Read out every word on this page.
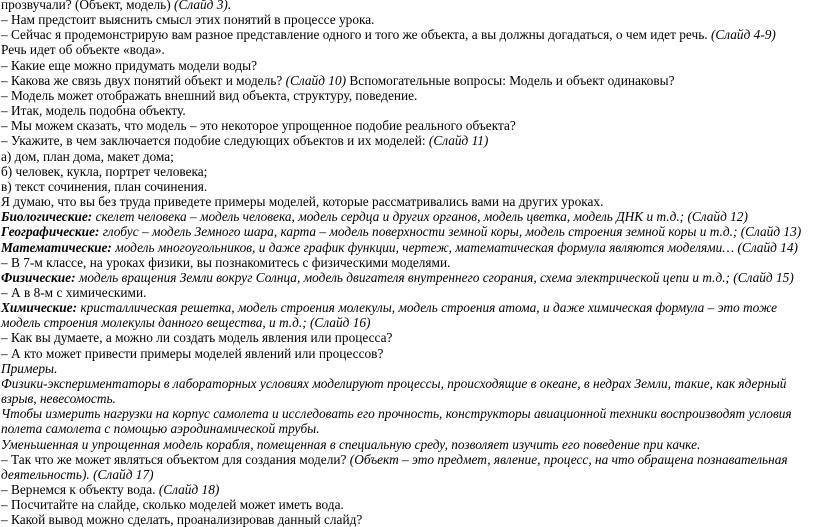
прозвучали? (Объект, модель) (Слайд 3).

– Нам предстоит выяснить смысл этих понятий в процессе урока.

– Сейчас я продемонстрирую вам разное представление одного и того же объекта, а вы должны догадаться, о чем идет речь. (Слайд 4-9)

Речь идет об объекте «вода».

– Какие еще можно придумать модели воды?

– Какова же связь двух понятий объект и модель? (Слайд 10) Вспомогательные вопросы: Модель и объект одинаковы?

– Модель может отображать внешний вид объекта, структуру, поведение.

– Итак, модель подобна объекту.

– Мы можем сказать, что модель – это некоторое упрощенное подобие реального объекта?

– Укажите, в чем заключается подобие следующих объектов и их моделей: (Слайд 11)

а) дом, план дома, макет дома;

б) человек, кукла, портрет человека;

в) текст сочинения, план сочинения.

Я думаю, что вы без труда приведете примеры моделей, которые рассматривались вами на других уроках.

Биологические: скелет человека – модель человека, модель сердца и других органов, модель цветка, модель ДНК и т.д.; (Слайд 12)

Географические: глобус – модель Земного шара, карта – модель поверхности земной коры, модель строения земной коры и т.д.; (Слайд 13)

Математические: модель многоугольников, и даже график функции, чертеж, математическая формула являются моделями… (Слайд 14)

– В 7-м классе, на уроках физики, вы познакомитесь с физическими моделями.

Физические: модель вращения Земли вокруг Солнца, модель двигателя внутреннего сгорания, схема электрической цепи и т.д.; (Слайд 15)

– А в 8-м с химическими.

Химические: кристаллическая решетка, модель строения молекулы, модель строения атома, и даже химическая формула – это тоже модель строения молекулы данного вещества, и т.д.; (Слайд 16)

– Как вы думаете, а можно ли создать модель явления или процесса?

– А кто может привести примеры моделей явлений или процессов?

Примеры.

Физики-экспериментаторы в лабораторных условиях моделируют процессы, происходящие в океане, в недрах Земли, такие, как ядерный взрыв, невесомость.

Чтобы измерить нагрузки на корпус самолета и исследовать его прочность, конструкторы авиационной техники воспроизводят условия полета самолета с помощью аэродинамической трубы.

Уменьшенная и упрощенная модель корабля, помещенная в специальную среду, позволяет изучить его поведение при качке.

– Так что же может являться объектом для создания модели? (Объект – это предмет, явление, процесс, на что обращена познавательная деятельность). (Слайд 17)

– Вернемся к объекту вода. (Слайд 18)

– Посчитайте на слайде, сколько моделей может иметь вода.

– Какой вывод можно сделать, проанализировав данный слайд?
